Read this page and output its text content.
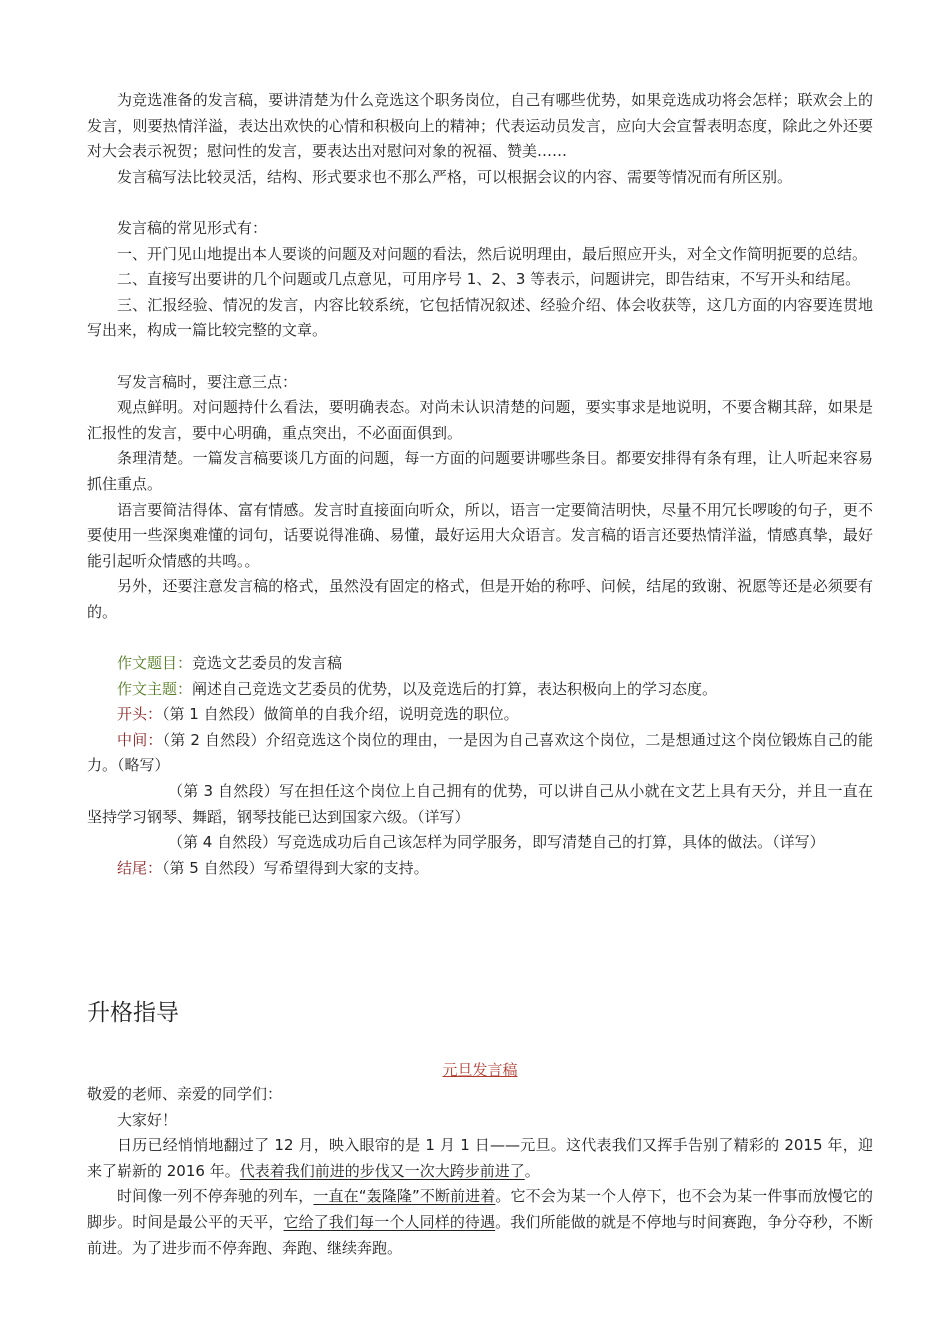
为竞选准备的发言稿，要讲清楚为什么竞选这个职务岗位，自己有哪些优势，如果竞选成功将会怎样；联欢会上的发言，则要热情洋溢，表达出欢快的心情和积极向上的精神；代表运动员发言，应向大会宣誓表明态度，除此之外还要对大会表示祝贺；慰问性的发言，要表达出对慰问对象的祝福、赞美……

发言稿写法比较灵活，结构、形式要求也不那么严格，可以根据会议的内容、需要等情况而有所区别。

发言稿的常见形式有：

一、开门见山地提出本人要谈的问题及对问题的看法，然后说明理由，最后照应开头，对全文作简明扼要的总结。

二、直接写出要讲的几个问题或几点意见，可用序号 1、2、3 等表示，问题讲完，即告结束，不写开头和结尾。

三、汇报经验、情况的发言，内容比较系统，它包括情况叙述、经验介绍、体会收获等，这几方面的内容要连贯地写出来，构成一篇比较完整的文章。

写发言稿时，要注意三点：

观点鲜明。对问题持什么看法，要明确表态。对尚未认识清楚的问题，要实事求是地说明，不要含糊其辞，如果是汇报性的发言，要中心明确，重点突出，不必面面俱到。

条理清楚。一篇发言稿要谈几方面的问题，每一方面的问题要讲哪些条目。都要安排得有条有理，让人听起来容易抓住重点。

语言要简洁得体、富有情感。发言时直接面向听众，所以，语言一定要简洁明快，尽量不用冗长啰唆的句子，更不要使用一些深奥难懂的词句，话要说得准确、易懂，最好运用大众语言。发言稿的语言还要热情洋溢，情感真挚，最好能引起听众情感的共鸣。。

另外，还要注意发言稿的格式，虽然没有固定的格式，但是开始的称呼、问候，结尾的致谢、祝愿等还是必须要有的。

作文题目：竞选文艺委员的发言稿

作文主题：阐述自己竞选文艺委员的优势，以及竞选后的打算，表达积极向上的学习态度。

开头：（第 1 自然段）做简单的自我介绍，说明竞选的职位。

中间：（第 2 自然段）介绍竞选这个岗位的理由，一是因为自己喜欢这个岗位，二是想通过这个岗位锻炼自己的能力。（略写）

（第 3 自然段）写在担任这个岗位上自己拥有的优势，可以讲自己从小就在文艺上具有天分，并且一直在坚持学习钢琴、舞蹈，钢琴技能已达到国家六级。（详写）

（第 4 自然段）写竞选成功后自己该怎样为同学服务，即写清楚自己的打算，具体的做法。（详写）

结尾：（第 5 自然段）写希望得到大家的支持。

升格指导

元旦发言稿

敬爱的老师、亲爱的同学们：

大家好！

日历已经悄悄地翻过了 12 月，映入眼帘的是 1 月 1 日——元旦。这代表我们又挥手告别了精彩的 2015 年，迎来了崭新的 2016 年。代表着我们前进的步伐又一次大跨步前进了。

时间像一列不停奔驰的列车，一直在“轰隆隆”不断前进着。它不会为某一个人停下，也不会为某一件事而放慢它的脚步。时间是最公平的天平，它给了我们每一个人同样的待遇。我们所能做的就是不停地与时间赛跑，争分夺秒，不断前进。为了进步而不停奔跑、奔跑、继续奔跑。
